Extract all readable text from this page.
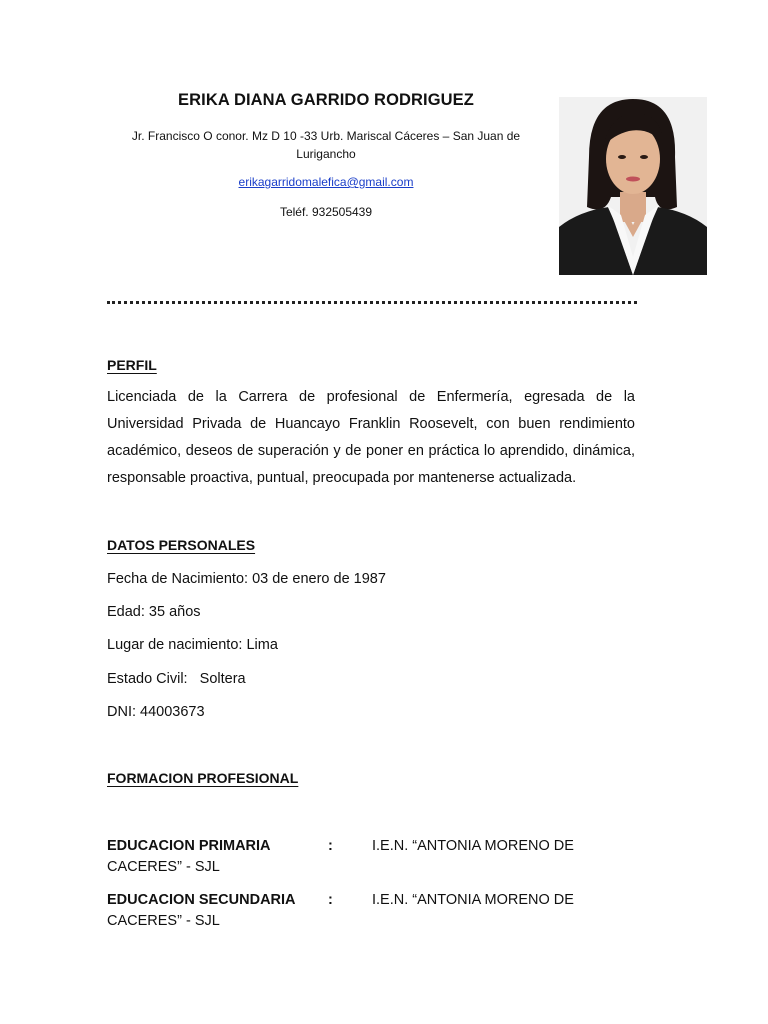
ERIKA DIANA GARRIDO RODRIGUEZ
Jr. Francisco O conor. Mz D 10 -33 Urb. Mariscal Cáceres – San Juan de Lurigancho
erikagarridomalefica@gmail.com
Teléf. 932505439
PERFIL

Licenciada de la Carrera de profesional de Enfermería, egresada de la Universidad Privada de Huancayo Franklin Roosevelt, con buen rendimiento académico, deseos de superación y de poner en práctica lo aprendido, dinámica, responsable proactiva, puntual, preocupada por mantenerse actualizada.

DATOS PERSONALES
Fecha de Nacimiento: 03 de enero de 1987
Edad: 35 años
Lugar de nacimiento: Lima
Estado Civil:   Soltera
DNI: 44003673
FORMACION PROFESIONAL
EDUCACION PRIMARIA	:	I.E.N. “ANTONIA MORENO DE
CACERES” - SJL
EDUCACION SECUNDARIA :	I.E.N. “ANTONIA MORENO DE
CACERES” - SJL
